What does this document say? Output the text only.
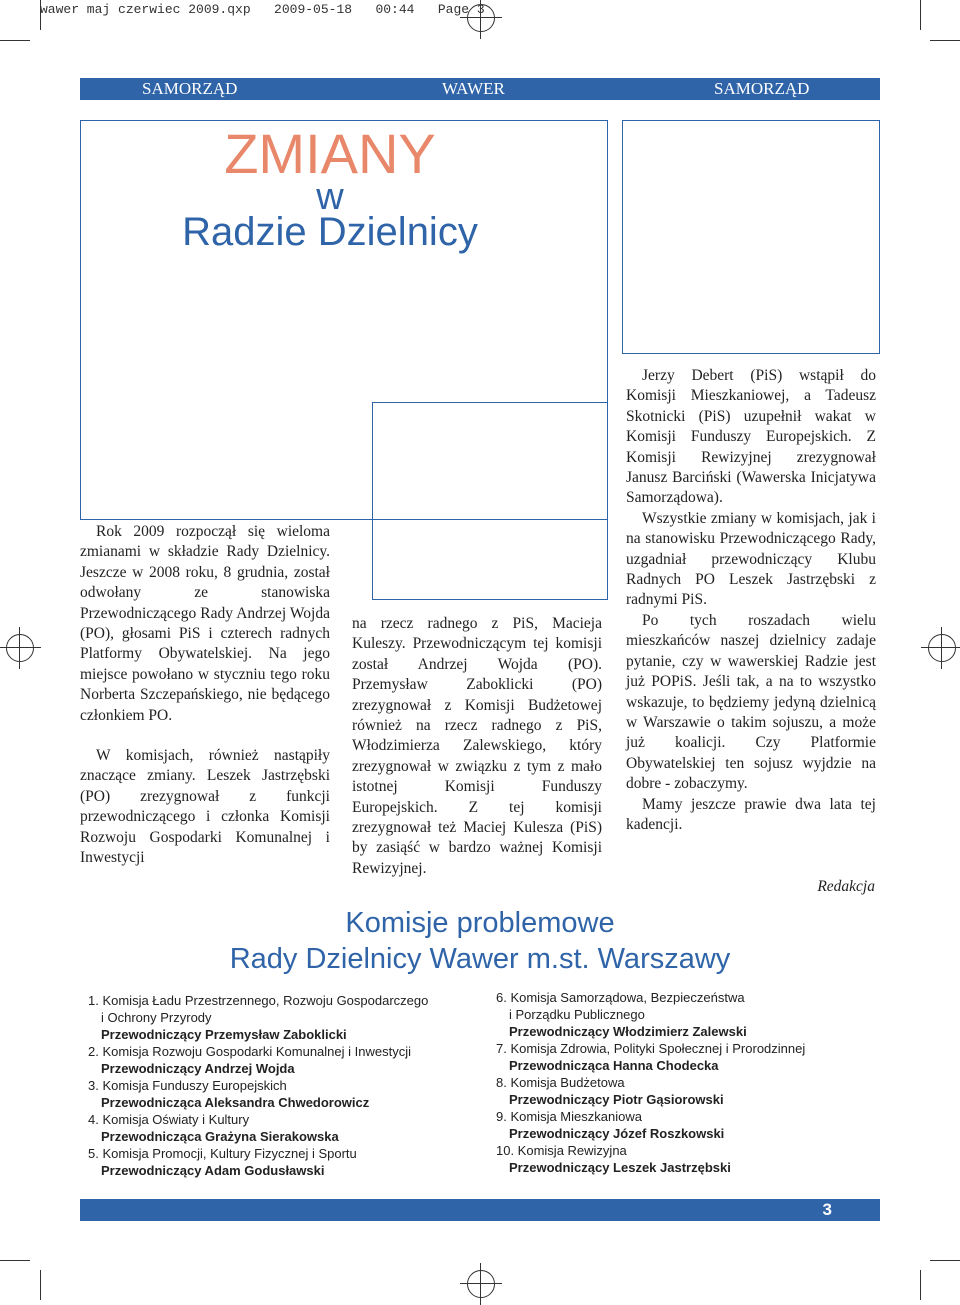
wawer maj czerwiec 2009.qxp   2009-05-18   00:44   Page 3
SAMORZĄD	WAWER	SAMORZĄD
ZMIANY
w
Radzie Dzielnicy

Rok 2009 rozpoczął się wieloma zmianami w składzie Rady Dzielnicy. Jeszcze w 2008 roku, 8 grudnia, został odwołany ze stanowiska Przewodniczącego Rady Andrzej Wojda (PO), głosami PiS i czterech radnych Platformy Obywatelskiej. Na jego miejsce powołano w styczniu tego roku Norberta Szczepańskiego, nie będącego członkiem PO.

W komisjach, również nastąpiły znaczące zmiany. Leszek Jastrzębski (PO) zrezygnował z funkcji przewodniczącego i członka Komisji Rozwoju Gospodarki Komunalnej i Inwestycji

na rzecz radnego z PiS, Macieja Kuleszy. Przewodniczącym tej komisji został Andrzej Wojda (PO). Przemysław Zaboklicki (PO) zrezygnował z Komisji Budżetowej również na rzecz radnego z PiS, Włodzimierza Zalewskiego, który zrezygnował w związku z tym z mało istotnej Komisji Funduszy Europejskich. Z tej komisji zrezygnował też Maciej Kulesza (PiS) by zasiąść w bardzo ważnej Komisji Rewizyjnej.

Jerzy Debert (PiS) wstąpił do Komisji Mieszkaniowej, a Tadeusz Skotnicki (PiS) uzupełnił wakat w Komisji Funduszy Europejskich. Z Komisji Rewizyjnej zrezygnował Janusz Barciński (Wawerska Inicjatywa Samorządowa).

Wszystkie zmiany w komisjach, jak i na stanowisku Przewodniczącego Rady, uzgadniał przewodniczący Klubu Radnych PO Leszek Jastrzębski z radnymi PiS.

Po tych roszadach wielu mieszkańców naszej dzielnicy zadaje pytanie, czy w wawerskiej Radzie jest już POPiS. Jeśli tak, a na to wszystko wskazuje, to będziemy jedyną dzielnicą w Warszawie o takim sojuszu, a może już koalicji. Czy Platformie Obywatelskiej ten sojusz wyjdzie na dobre - zobaczymy.

Mamy jeszcze prawie dwa lata tej kadencji.

Redakcja
Komisje problemowe
Rady Dzielnicy Wawer m.st. Warszawy
1. Komisja Ładu Przestrzennego, Rozwoju Gospodarczego
i Ochrony Przyrody
Przewodniczący Przemysław Zaboklicki
2. Komisja Rozwoju Gospodarki Komunalnej i Inwestycji
Przewodniczący Andrzej Wojda
3. Komisja Funduszy Europejskich
Przewodnicząca Aleksandra Chwedorowicz
4. Komisja Oświaty i Kultury
Przewodnicząca Grażyna Sierakowska
5. Komisja Promocji, Kultury Fizycznej i Sportu
Przewodniczący Adam Godusławski
6. Komisja Samorządowa, Bezpieczeństwa
i Porządku Publicznego
Przewodniczący Włodzimierz Zalewski
7. Komisja Zdrowia, Polityki Społecznej i Prorodzinnej
Przewodnicząca Hanna Chodecka
8. Komisja Budżetowa
Przewodniczący Piotr Gąsiorowski
9. Komisja Mieszkaniowa
Przewodniczący Józef Roszkowski
10. Komisja Rewizyjna
Przewodniczący Leszek Jastrzębski
3
